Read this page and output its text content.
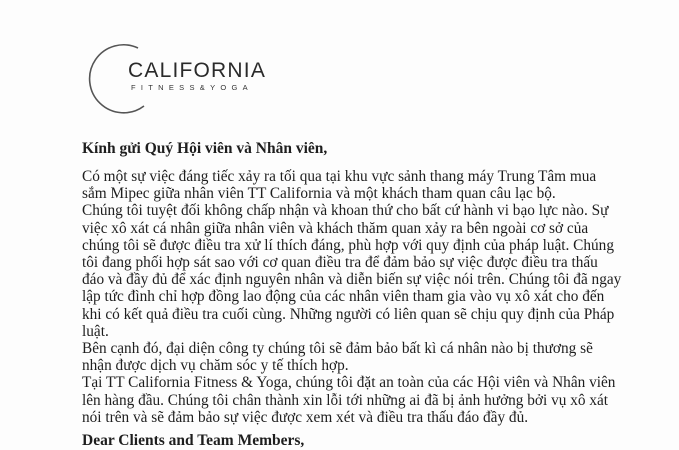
CALIFORNIA
FITNESS&YOGA
Kính gửi Quý Hội viên và Nhân viên,
Có một sự việc đáng tiếc xảy ra tối qua tại khu vực sảnh thang máy Trung Tâm mua
sắm Mipec giữa nhân viên TT California và một khách tham quan câu lạc bộ.
Chúng tôi tuyệt đối không chấp nhận và khoan thứ cho bất cứ hành vi bạo lực nào. Sự
việc xô xát cá nhân giữa nhân viên và khách thăm quan xảy ra bên ngoài cơ sở của
chúng tôi sẽ được điều tra xử lí thích đáng, phù hợp với quy định của pháp luật. Chúng
tôi đang phối hợp sát sao với cơ quan điều tra để đảm bảo sự việc được điều tra thấu
đáo và đầy đủ để xác định nguyên nhân và diễn biến sự việc nói trên. Chúng tôi đã ngay
lập tức đình chỉ hợp đồng lao động của các nhân viên tham gia vào vụ xô xát cho đến
khi có kết quả điều tra cuối cùng. Những người có liên quan sẽ chịu quy định của Pháp
luật.
Bên cạnh đó, đại diện công ty chúng tôi sẽ đảm bảo bất kì cá nhân nào bị thương sẽ
nhận được dịch vụ chăm sóc y tế thích hợp.
Tại TT California Fitness & Yoga, chúng tôi đặt an toàn của các Hội viên và Nhân viên
lên hàng đầu. Chúng tôi chân thành xin lỗi tới những ai đã bị ảnh hưởng bởi vụ xô xát
nói trên và sẽ đảm bảo sự việc được xem xét và điều tra thấu đáo đầy đủ.
Dear Clients and Team Members,
